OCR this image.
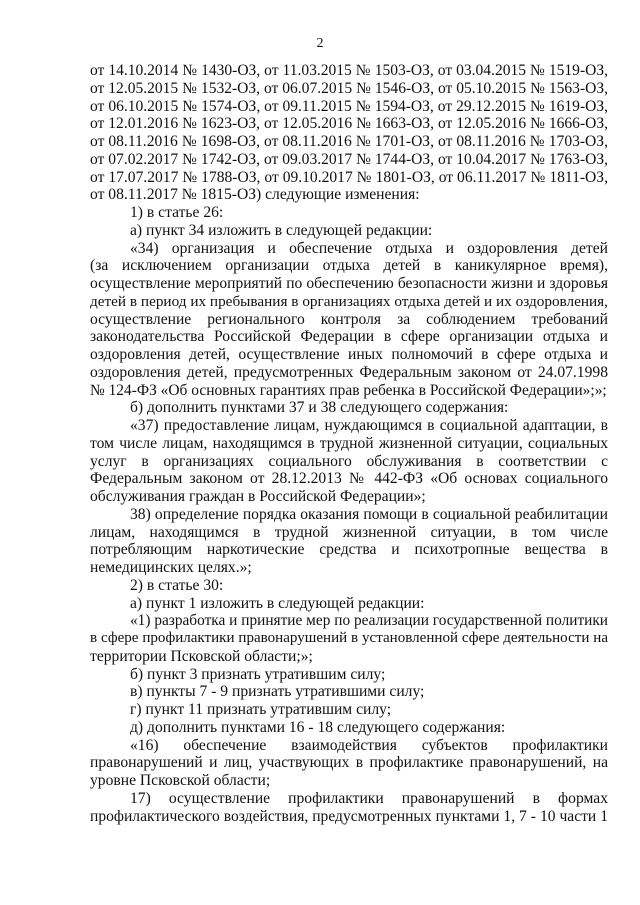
2
от 14.10.2014 № 1430-ОЗ, от 11.03.2015 № 1503-ОЗ, от 03.04.2015 № 1519-ОЗ,
от 12.05.2015 № 1532-ОЗ, от 06.07.2015 № 1546-ОЗ, от 05.10.2015 № 1563-ОЗ,
от 06.10.2015 № 1574-ОЗ, от 09.11.2015 № 1594-ОЗ, от 29.12.2015 № 1619-ОЗ,
от 12.01.2016 № 1623-ОЗ, от 12.05.2016 № 1663-ОЗ, от 12.05.2016 № 1666-ОЗ,
от 08.11.2016 № 1698-ОЗ, от 08.11.2016 № 1701-ОЗ, от 08.11.2016 № 1703-ОЗ,
от 07.02.2017 № 1742-ОЗ, от 09.03.2017 № 1744-ОЗ, от 10.04.2017 № 1763-ОЗ,
от 17.07.2017 № 1788-ОЗ, от 09.10.2017 № 1801-ОЗ, от 06.11.2017 № 1811-ОЗ,
от 08.11.2017 № 1815-ОЗ) следующие изменения:
1) в статье 26:
а) пункт 34 изложить в следующей редакции:
«34) организация и обеспечение отдыха и оздоровления детей
(за исключением организации отдыха детей в каникулярное время),
осуществление мероприятий по обеспечению безопасности жизни и здоровья
детей в период их пребывания в организациях отдыха детей и их оздоровления,
осуществление регионального контроля за соблюдением требований
законодательства Российской Федерации в сфере организации отдыха и
оздоровления детей, осуществление иных полномочий в сфере отдыха и
оздоровления детей, предусмотренных Федеральным законом от 24.07.1998
№ 124-ФЗ «Об основных гарантиях прав ребенка в Российской Федерации»;»;
б) дополнить пунктами 37 и 38 следующего содержания:
«37) предоставление лицам, нуждающимся в социальной адаптации, в
том числе лицам, находящимся в трудной жизненной ситуации, социальных
услуг в организациях социального обслуживания в соответствии с
Федеральным законом от 28.12.2013 № 442-ФЗ «Об основах социального
обслуживания граждан в Российской Федерации»;
38) определение порядка оказания помощи в социальной реабилитации
лицам, находящимся в трудной жизненной ситуации, в том числе
потребляющим наркотические средства и психотропные вещества в
немедицинских целях.»;
2) в статье 30:
а) пункт 1 изложить в следующей редакции:
«1) разработка и принятие мер по реализации государственной политики
в сфере профилактики правонарушений в установленной сфере деятельности на
территории Псковской области;»;
б) пункт 3 признать утратившим силу;
в) пункты 7 - 9 признать утратившими силу;
г) пункт 11 признать утратившим силу;
д) дополнить пунктами 16 - 18 следующего содержания:
«16) обеспечение взаимодействия субъектов профилактики
правонарушений и лиц, участвующих в профилактике правонарушений, на
уровне Псковской области;
17) осуществление профилактики правонарушений в формах
профилактического воздействия, предусмотренных пунктами 1, 7 - 10 части 1
